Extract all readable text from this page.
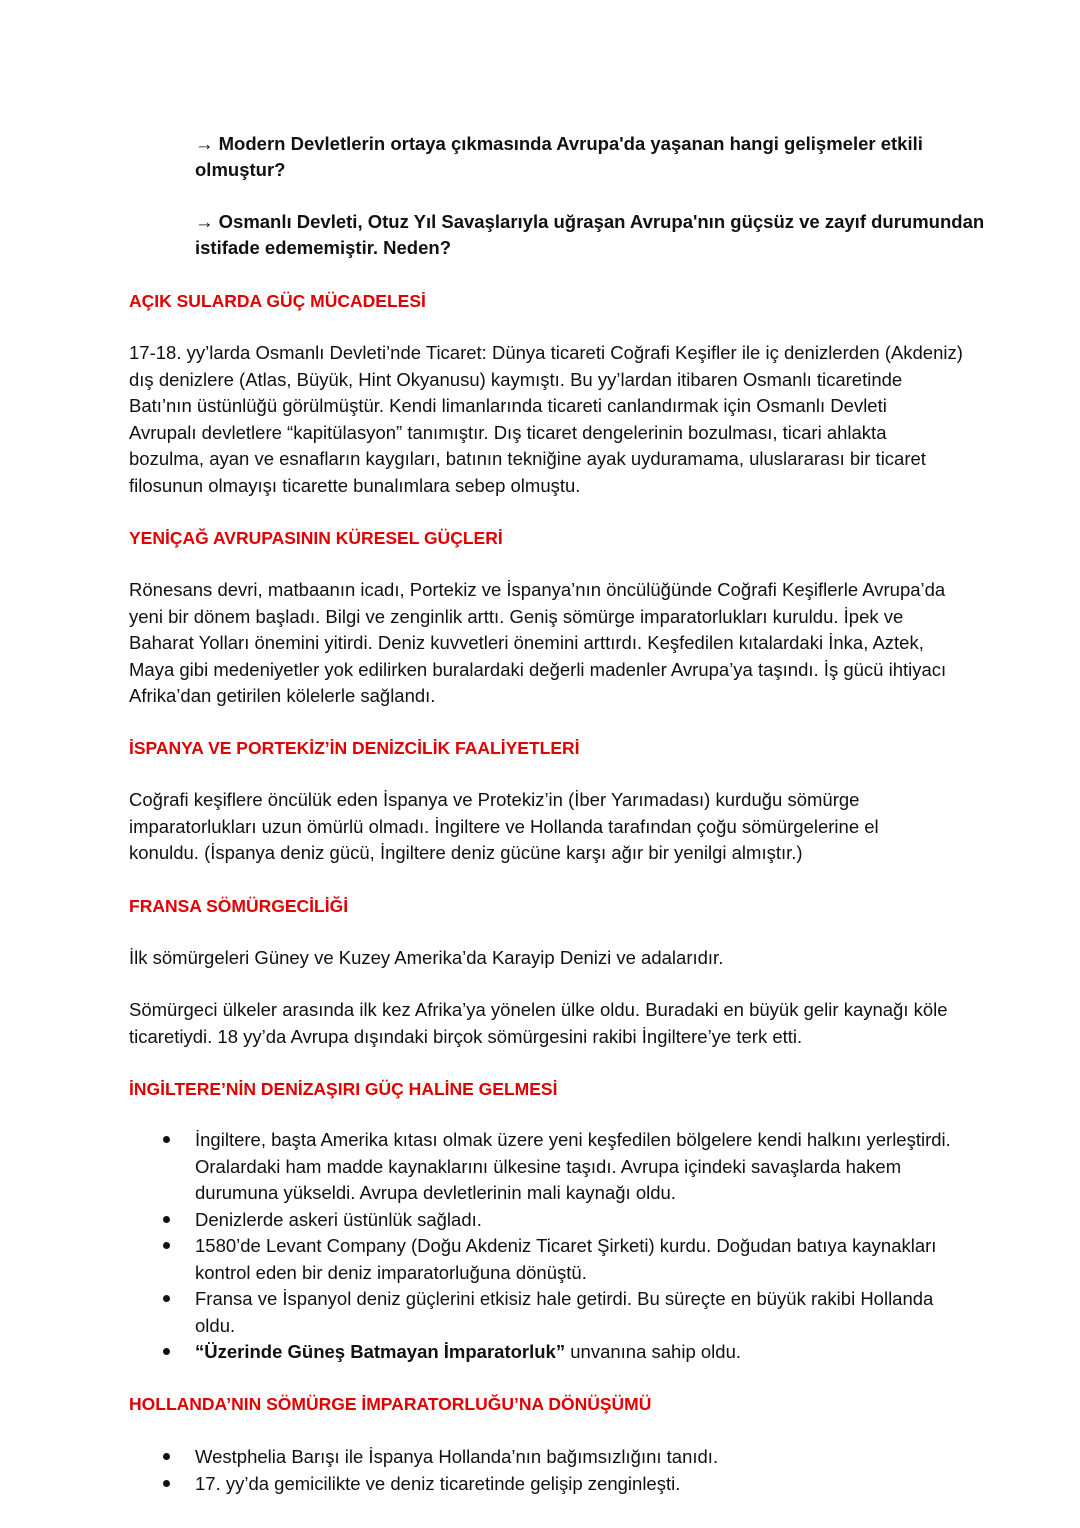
→ Modern Devletlerin ortaya çıkmasında Avrupa'da yaşanan hangi gelişmeler etkili
olmuştur?

→ Osmanlı Devleti, Otuz Yıl Savaşlarıyla uğraşan Avrupa'nın güçsüz ve zayıf durumundan
istifade edememiştir. Neden?

AÇIK SULARDA GÜÇ MÜCADELESİ

17-18. yy’larda Osmanlı Devleti’nde Ticaret: Dünya ticareti Coğrafi Keşifler ile iç denizlerden (Akdeniz)
dış denizlere (Atlas, Büyük, Hint Okyanusu) kaymıştı. Bu yy’lardan itibaren Osmanlı ticaretinde
Batı’nın üstünlüğü görülmüştür. Kendi limanlarında ticareti canlandırmak için Osmanlı Devleti
Avrupalı devletlere “kapitülasyon” tanımıştır. Dış ticaret dengelerinin bozulması, ticari ahlakta
bozulma, ayan ve esnafların kaygıları, batının tekniğine ayak uyduramama, uluslararası bir ticaret
filosunun olmayışı ticarette bunalımlara sebep olmuştu.

YENİÇAĞ AVRUPASININ KÜRESEL GÜÇLERİ

Rönesans devri, matbaanın icadı, Portekiz ve İspanya’nın öncülüğünde Coğrafi Keşiflerle Avrupa’da
yeni bir dönem başladı. Bilgi ve zenginlik arttı. Geniş sömürge imparatorlukları kuruldu. İpek ve
Baharat Yolları önemini yitirdi. Deniz kuvvetleri önemini arttırdı. Keşfedilen kıtalardaki İnka, Aztek,
Maya gibi medeniyetler yok edilirken buralardaki değerli madenler Avrupa’ya taşındı. İş gücü ihtiyacı
Afrika’dan getirilen kölelerle sağlandı.

İSPANYA VE PORTEKİZ’İN DENİZCİLİK FAALİYETLERİ

Coğrafi keşiflere öncülük eden İspanya ve Protekiz’in (İber Yarımadası) kurduğu sömürge
imparatorlukları uzun ömürlü olmadı. İngiltere ve Hollanda tarafından çoğu sömürgelerine el
konuldu. (İspanya deniz gücü, İngiltere deniz gücüne karşı ağır bir yenilgi almıştır.)

FRANSA SÖMÜRGECİLİĞİ

İlk sömürgeleri Güney ve Kuzey Amerika’da Karayip Denizi ve adalarıdır.

Sömürgeci ülkeler arasında ilk kez Afrika’ya yönelen ülke oldu. Buradaki en büyük gelir kaynağı köle
ticaretiydi. 18 yy’da Avrupa dışındaki birçok sömürgesini rakibi İngiltere’ye terk etti.

İNGİLTERE’NİN DENİZAŞIRI GÜÇ HALİNE GELMESİ
İngiltere, başta Amerika kıtası olmak üzere yeni keşfedilen bölgelere kendi halkını yerleştirdi.
Oralardaki ham madde kaynaklarını ülkesine taşıdı. Avrupa içindeki savaşlarda hakem
durumuna yükseldi. Avrupa devletlerinin mali kaynağı oldu.
Denizlerde askeri üstünlük sağladı.
1580’de Levant Company (Doğu Akdeniz Ticaret Şirketi) kurdu. Doğudan batıya kaynakları
kontrol eden bir deniz imparatorluğuna dönüştü.
Fransa ve İspanyol deniz güçlerini etkisiz hale getirdi. Bu süreçte en büyük rakibi Hollanda
oldu.
“Üzerinde Güneş Batmayan İmparatorluk” unvanına sahip oldu.
HOLLANDA’NIN SÖMÜRGE İMPARATORLUĞU’NA DÖNÜŞÜMÜ
Westphelia Barışı ile İspanya Hollanda’nın bağımsızlığını tanıdı.
17. yy’da gemicilikte ve deniz ticaretinde gelişip zenginleşti.
